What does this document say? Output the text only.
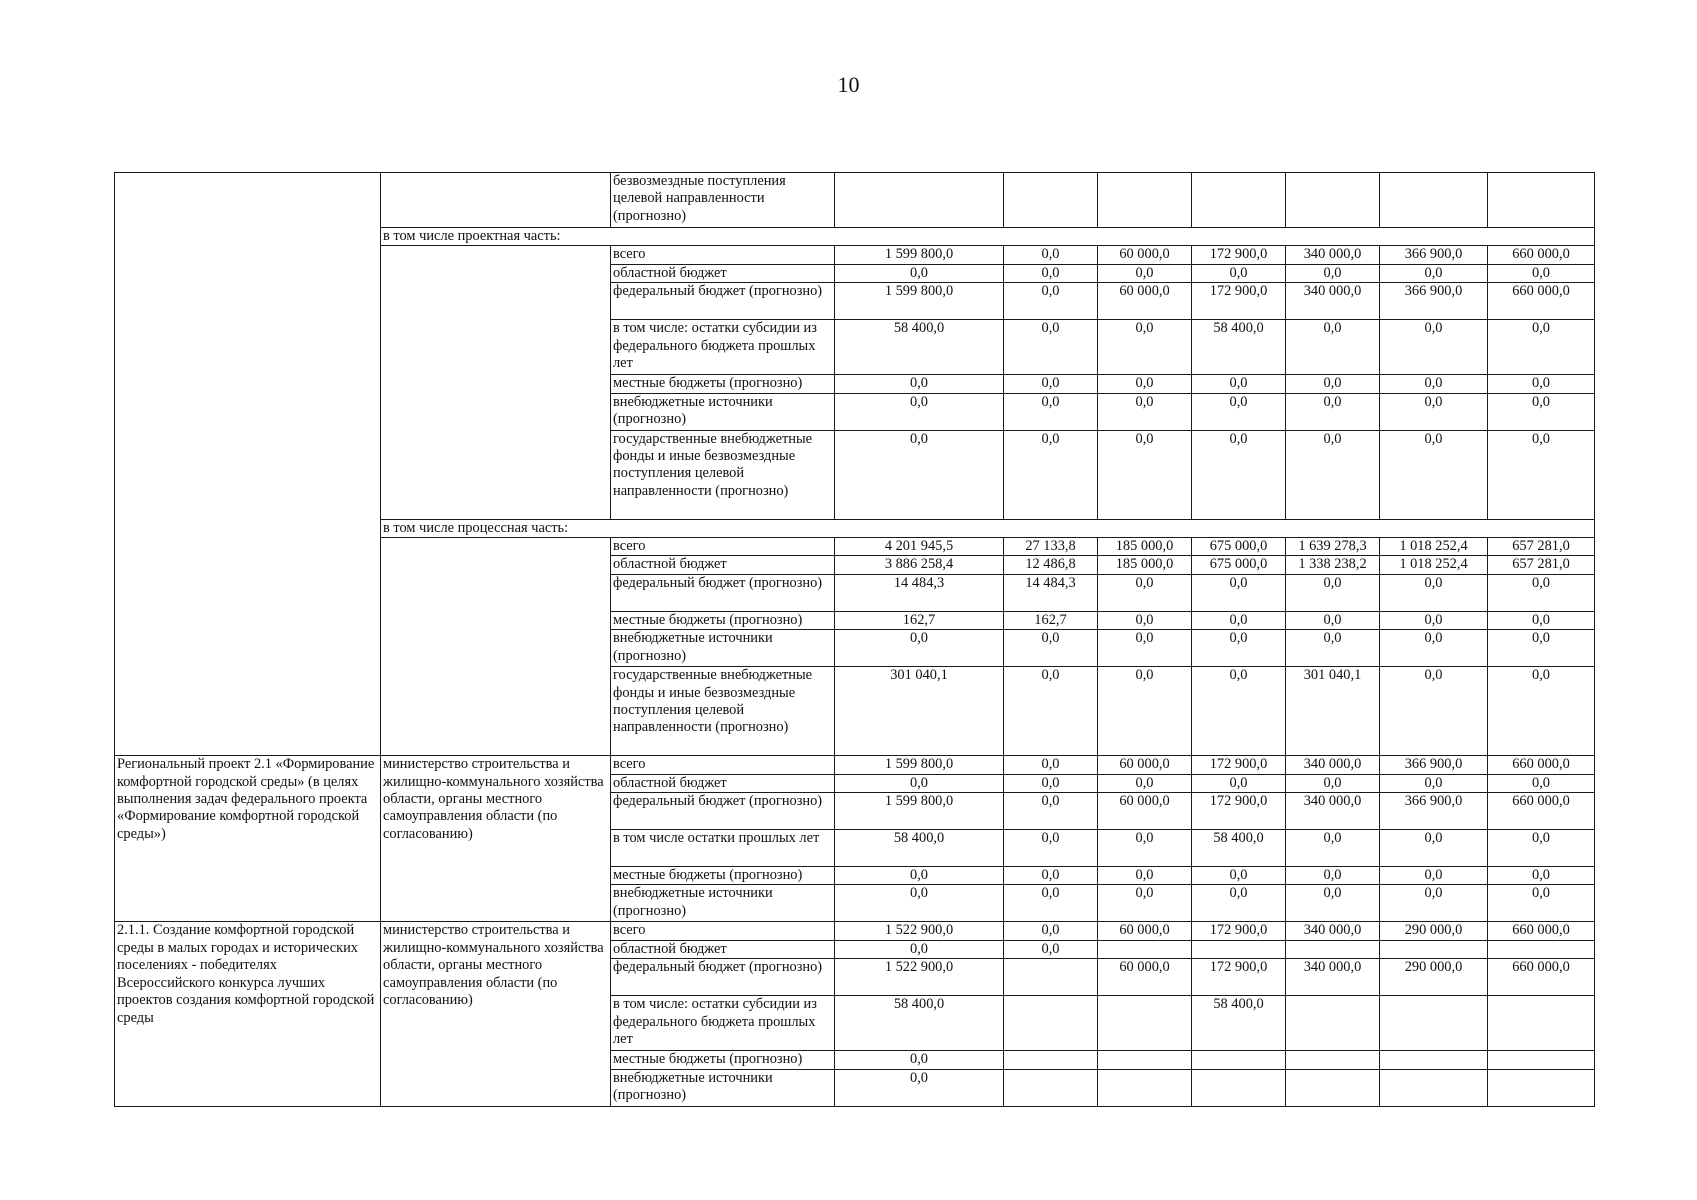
10
		безвозмездные поступления целевой направленности (прогнозно)							
	в том числе проектная часть:								
		всего	1 599 800,0	0,0	60 000,0	172 900,0	340 000,0	366 900,0	660 000,0
		областной бюджет	0,0	0,0	0,0	0,0	0,0	0,0	0,0
		федеральный бюджет (прогнозно)	1 599 800,0	0,0	60 000,0	172 900,0	340 000,0	366 900,0	660 000,0
		в том числе: остатки субсидии из федерального бюджета прошлых лет	58 400,0	0,0	0,0	58 400,0	0,0	0,0	0,0
		местные бюджеты (прогнозно)	0,0	0,0	0,0	0,0	0,0	0,0	0,0
		внебюджетные источники (прогнозно)	0,0	0,0	0,0	0,0	0,0	0,0	0,0
		государственные внебюджетные фонды и иные безвозмездные поступления целевой направленности (прогнозно)	0,0	0,0	0,0	0,0	0,0	0,0	0,0
	в том числе процессная часть:								
		всего	4 201 945,5	27 133,8	185 000,0	675 000,0	1 639 278,3	1 018 252,4	657 281,0
		областной бюджет	3 886 258,4	12 486,8	185 000,0	675 000,0	1 338 238,2	1 018 252,4	657 281,0
		федеральный бюджет (прогнозно)	14 484,3	14 484,3	0,0	0,0	0,0	0,0	0,0
		местные бюджеты (прогнозно)	162,7	162,7	0,0	0,0	0,0	0,0	0,0
		внебюджетные источники (прогнозно)	0,0	0,0	0,0	0,0	0,0	0,0	0,0
		государственные внебюджетные фонды и иные безвозмездные поступления целевой направленности (прогнозно)	301 040,1	0,0	0,0	0,0	301 040,1	0,0	0,0
Региональный проект 2.1 «Формирование комфортной городской среды» (в целях выполнения задач федерального проекта «Формирование комфортной городской среды»)	министерство строительства и жилищно-коммунального хозяйства области, органы местного самоуправления области (по согласованию)	всего	1 599 800,0	0,0	60 000,0	172 900,0	340 000,0	366 900,0	660 000,0
		областной бюджет	0,0	0,0	0,0	0,0	0,0	0,0	0,0
		федеральный бюджет (прогнозно)	1 599 800,0	0,0	60 000,0	172 900,0	340 000,0	366 900,0	660 000,0
		в том числе остатки прошлых лет	58 400,0	0,0	0,0	58 400,0	0,0	0,0	0,0
		местные бюджеты (прогнозно)	0,0	0,0	0,0	0,0	0,0	0,0	0,0
		внебюджетные источники (прогнозно)	0,0	0,0	0,0	0,0	0,0	0,0	0,0
2.1.1. Создание комфортной городской среды в малых городах и исторических поселениях - победителях Всероссийского конкурса лучших проектов создания комфортной городской среды	министерство строительства и жилищно-коммунального хозяйства области, органы местного самоуправления области (по согласованию)	всего	1 522 900,0	0,0	60 000,0	172 900,0	340 000,0	290 000,0	660 000,0
		областной бюджет	0,0	0,0					
		федеральный бюджет (прогнозно)	1 522 900,0		60 000,0	172 900,0	340 000,0	290 000,0	660 000,0
		в том числе: остатки субсидии из федерального бюджета прошлых лет	58 400,0			58 400,0			
		местные бюджеты (прогнозно)	0,0						
		внебюджетные источники (прогнозно)	0,0						
